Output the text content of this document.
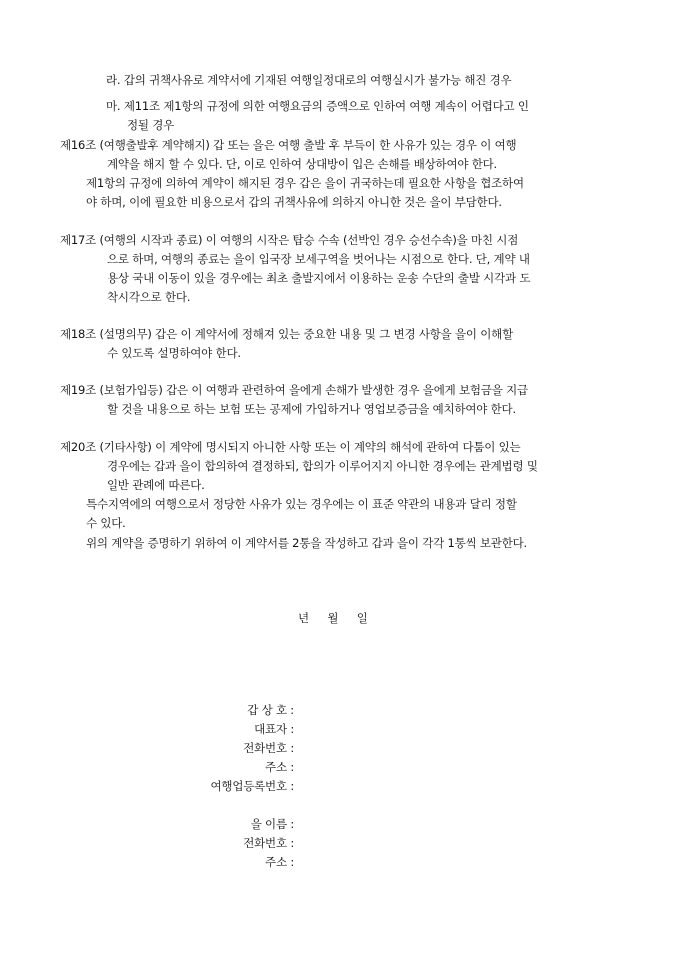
라. 갑의 귀책사유로 계약서에 기재된 여행일정대로의 여행실시가 불가능 해진 경우
마. 제11조 제1항의 규정에 의한 여행요금의 증액으로 인하여 여행 계속이 어렵다고 인
정될 경우
제16조 (여행출발후 계약해지) 갑 또는 을은 여행 출발 후 부득이 한 사유가 있는 경우 이 여행
계약을 해지 할 수 있다. 단, 이로 인하여 상대방이 입은 손해를 배상하여야 한다.
제1항의 규정에 의하여 계약이 해지된 경우 갑은 을이 귀국하는데 필요한 사항을 협조하여
야 하며, 이에 필요한 비용으로서 갑의 귀책사유에 의하지 아니한 것은 을이 부담한다.
제17조 (여행의 시작과 종료) 이 여행의 시작은 탑승 수속 (선박인 경우 승선수속)을 마친 시점
으로 하며, 여행의 종료는 을이 입국장 보세구역을 벗어나는 시점으로 한다. 단, 계약 내
용상 국내 이동이 있을 경우에는 최초 출발지에서 이용하는 운송 수단의 출발 시각과 도
착시각으로 한다.
제18조 (설명의무) 갑은 이 계약서에 정해져 있는 중요한 내용 및 그 변경 사항을 을이 이해할
수 있도록 설명하여야 한다.
제19조 (보험가입등) 갑은 이 여행과 관련하여 을에게 손해가 발생한 경우 을에게 보험금을 지급
할 것을 내용으로 하는 보험 또는 공제에 가입하거나 영업보증금을 예치하여야 한다.
제20조 (기타사항) 이 계약에 명시되지 아니한 사항 또는 이 계약의 해석에 관하여 다툼이 있는
경우에는 갑과 을이 합의하여 결정하되, 합의가 이루어지지 아니한 경우에는 관계법령 및
일반 관례에 따른다.
특수지역에의 여행으로서 정당한 사유가 있는 경우에는 이 표준 약관의 내용과 달리 정할
수 있다.
위의 계약을 증명하기 위하여 이 계약서를 2통을 작성하고 갑과 을이 각각 1통씩 보관한다.
년     월     일
갑 상 호 :
대표자 :
전화번호 :
주소 :
여행업등록번호 :
을 이름 :
전화번호 :
주소 :
